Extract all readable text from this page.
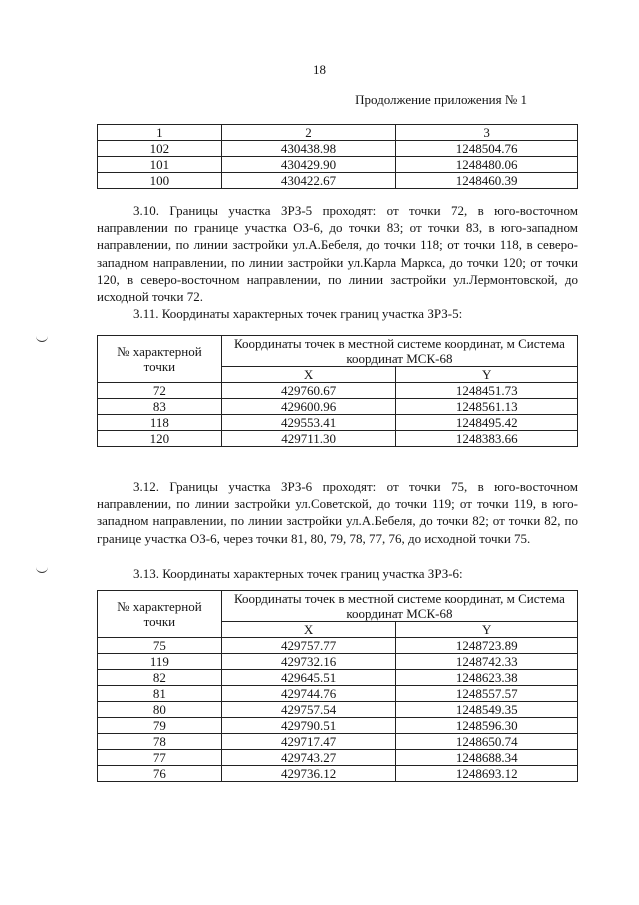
18
Продолжение приложения № 1
1	2	3
102	430438.98	1248504.76
101	430429.90	1248480.06
100	430422.67	1248460.39

3.10. Границы участка ЗРЗ-5 проходят: от точки 72, в юго-восточном направлении по границе участка ОЗ-6, до точки 83; от точки 83, в юго-западном направлении, по линии застройки ул.А.Бебеля, до точки 118; от точки 118, в северо-западном направлении, по линии застройки ул.Карла Маркса, до точки 120; от точки 120, в северо-восточном направлении, по линии застройки ул.Лермонтовской, до исходной точки 72.

3.11. Координаты характерных точек границ участка ЗРЗ-5:

№ характерной точки	Координаты точек в местной системе координат, м Система координат МСК-68	
	X	Y
72	429760.67	1248451.73
83	429600.96	1248561.13
118	429553.41	1248495.42
120	429711.30	1248383.66

3.12. Границы участка ЗРЗ-6 проходят: от точки 75, в юго-восточном направлении, по линии застройки ул.Советской, до точки 119; от точки 119, в юго-западном направлении, по линии застройки ул.А.Бебеля, до точки 82; от точки 82, по границе участка ОЗ-6, через точки 81, 80, 79, 78, 77, 76, до исходной точки 75.

3.13. Координаты характерных точек границ участка ЗРЗ-6:

№ характерной точки	Координаты точек в местной системе координат, м Система координат МСК-68	
	X	Y
75	429757.77	1248723.89
119	429732.16	1248742.33
82	429645.51	1248623.38
81	429744.76	1248557.57
80	429757.54	1248549.35
79	429790.51	1248596.30
78	429717.47	1248650.74
77	429743.27	1248688.34
76	429736.12	1248693.12
